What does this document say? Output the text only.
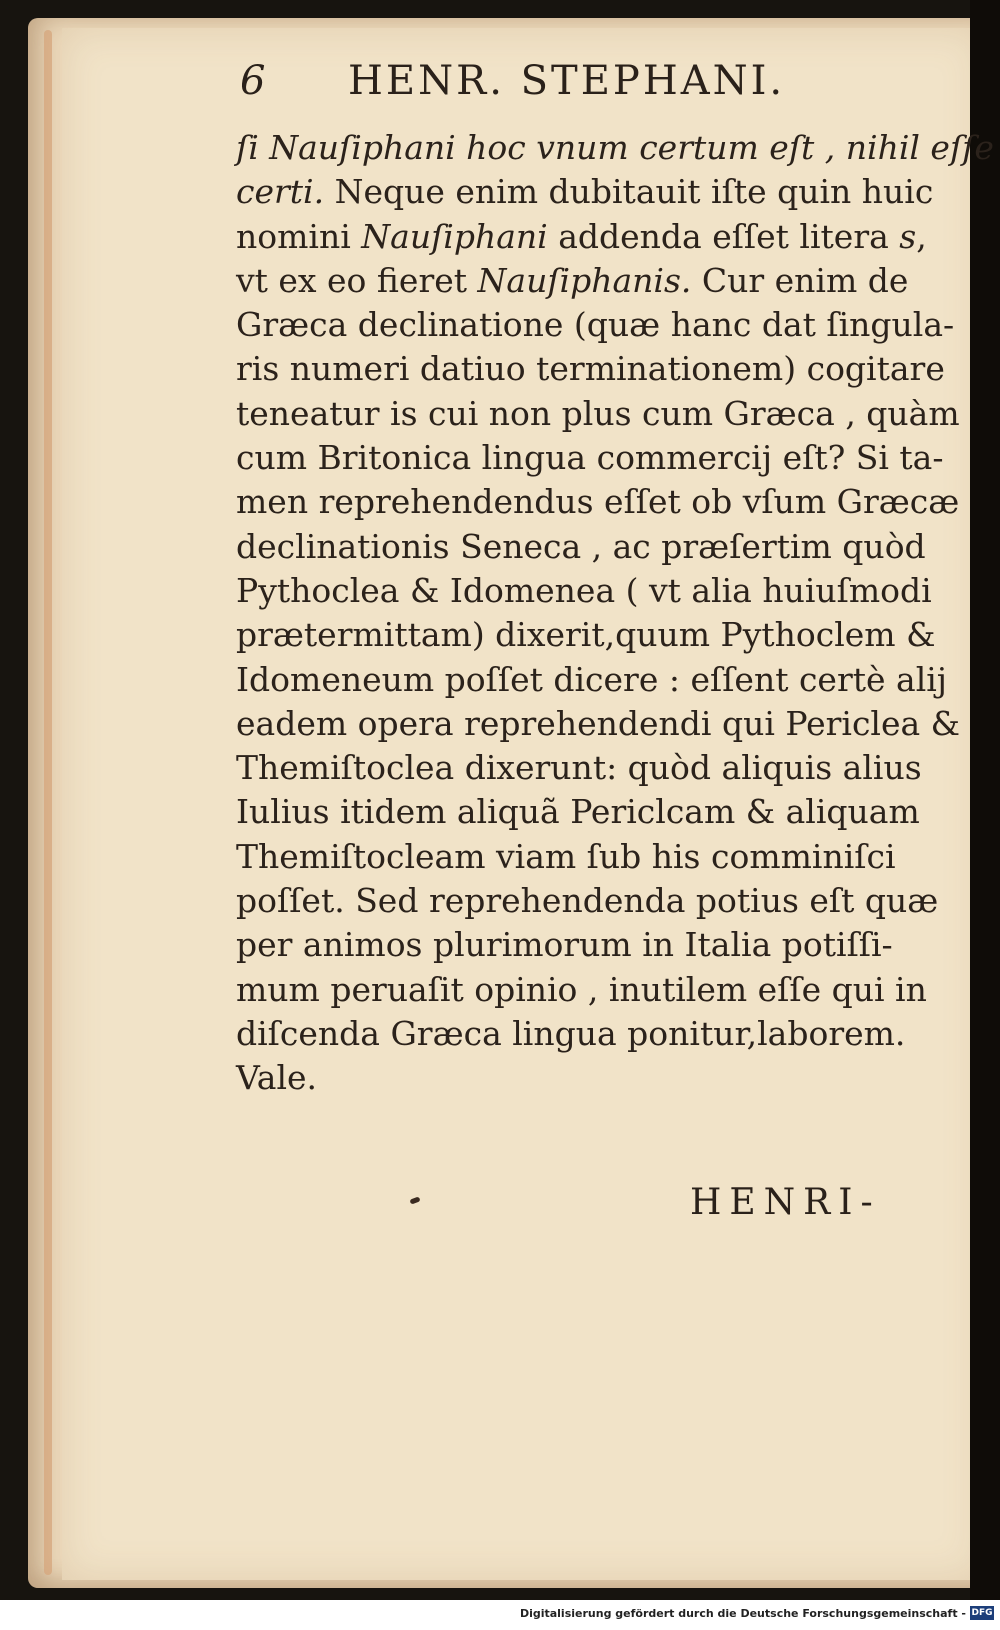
6 HENR. STEPHANI.
ſi Nauſiphani hoc vnum certum eſt , nihil eſſe
certi. Neque enim dubitauit iſte quin huic
nomini Nauſiphani addenda eſſet litera s,
vt ex eo fieret Nauſiphanis. Cur enim de
Græca declinatione (quæ hanc dat ſingula-
ris numeri datiuo terminationem) cogitare
teneatur is cui non plus cum Græca , quàm
cum Britonica lingua commercij eſt? Si ta-
men reprehendendus eſſet ob vſum Græcæ
declinationis Seneca , ac præſertim quòd
Pythoclea & Idomenea ( vt alia huiuſmodi
prætermittam) dixerit,quum Pythoclem &
Idomeneum poſſet dicere : eſſent certè alij
eadem opera reprehendendi qui Periclea &
Themiſtoclea dixerunt: quòd aliquis alius
Iulius itidem aliquã Periclcam & aliquam
Themiſtocleam viam ſub his comminiſci
poſſet. Sed reprehendenda potius eſt quæ
per animos plurimorum in Italia potiſſi-
mum peruaſit opinio , inutilem eſſe qui in
diſcenda Græca lingua ponitur,laborem.
Vale.
HENRI-
Digitalisierung gefördert durch die Deutsche Forschungsgemeinschaft - DFG
